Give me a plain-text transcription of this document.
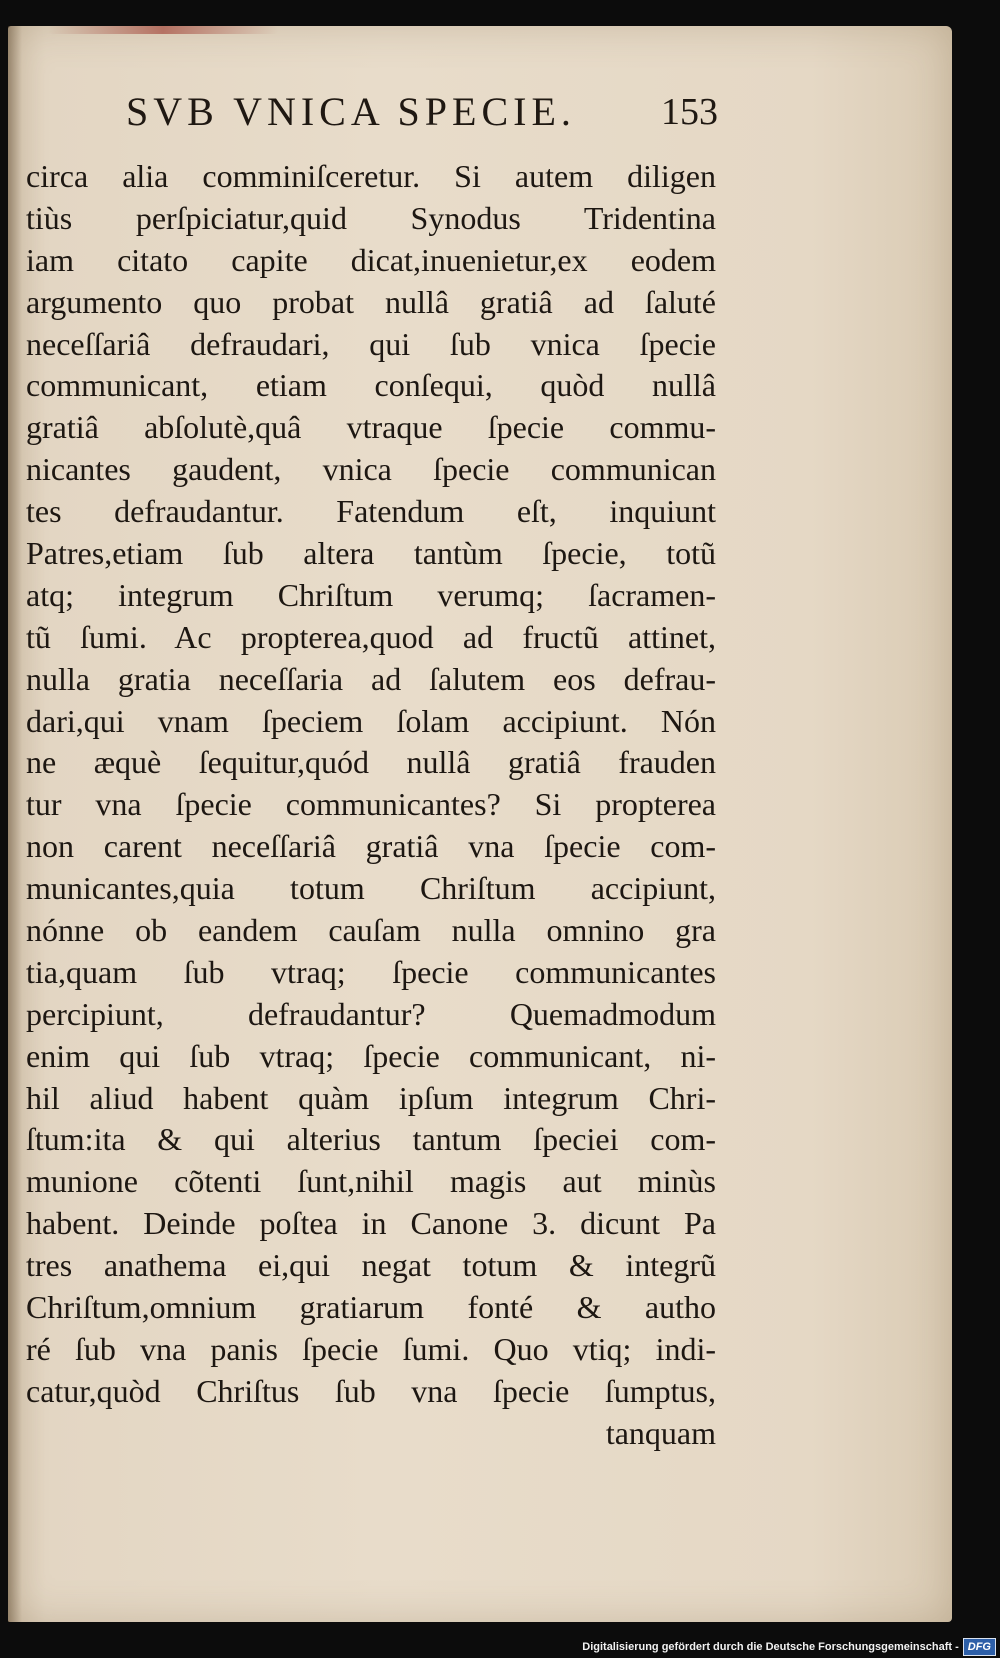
SVB VNICA SPECIE. 153
circa alia comminiſceretur. Si autem diligen
tiùs perſpiciatur,quid Synodus Tridentina
iam citato capite dicat,inuenietur,ex eodem
argumento quo probat nullâ gratiâ ad ſaluté
neceſſariâ defraudari, qui ſub vnica ſpecie
communicant, etiam conſequi, quòd nullâ
gratiâ abſolutè,quâ vtraque ſpecie commu-
nicantes gaudent, vnica ſpecie communican
tes defraudantur. Fatendum eſt, inquiunt
Patres,etiam ſub altera tantùm ſpecie, totũ
atq; integrum Chriſtum verumq; ſacramen-
tũ ſumi. Ac propterea,quod ad fructũ attinet,
nulla gratia neceſſaria ad ſalutem eos defrau-
dari,qui vnam ſpeciem ſolam accipiunt. Nón
ne æquè ſequitur,quód nullâ gratiâ frauden
tur vna ſpecie communicantes? Si propterea
non carent neceſſariâ gratiâ vna ſpecie com-
municantes,quia totum Chriſtum accipiunt,
nónne ob eandem cauſam nulla omnino gra
tia,quam ſub vtraq; ſpecie communicantes
percipiunt, defraudantur? Quemadmodum
enim qui ſub vtraq; ſpecie communicant, ni-
hil aliud habent quàm ipſum integrum Chri-
ſtum:ita & qui alterius tantum ſpeciei com-
munione cõtenti ſunt,nihil magis aut minùs
habent. Deinde poſtea in Canone 3. dicunt Pa
tres anathema ei,qui negat totum & integrũ
Chriſtum,omnium gratiarum fonté & autho
ré ſub vna panis ſpecie ſumi. Quo vtiq; indi-
catur,quòd Chriſtus ſub vna ſpecie ſumptus,
tanquam
Digitalisierung gefördert durch die Deutsche Forschungsgemeinschaft - DFG
